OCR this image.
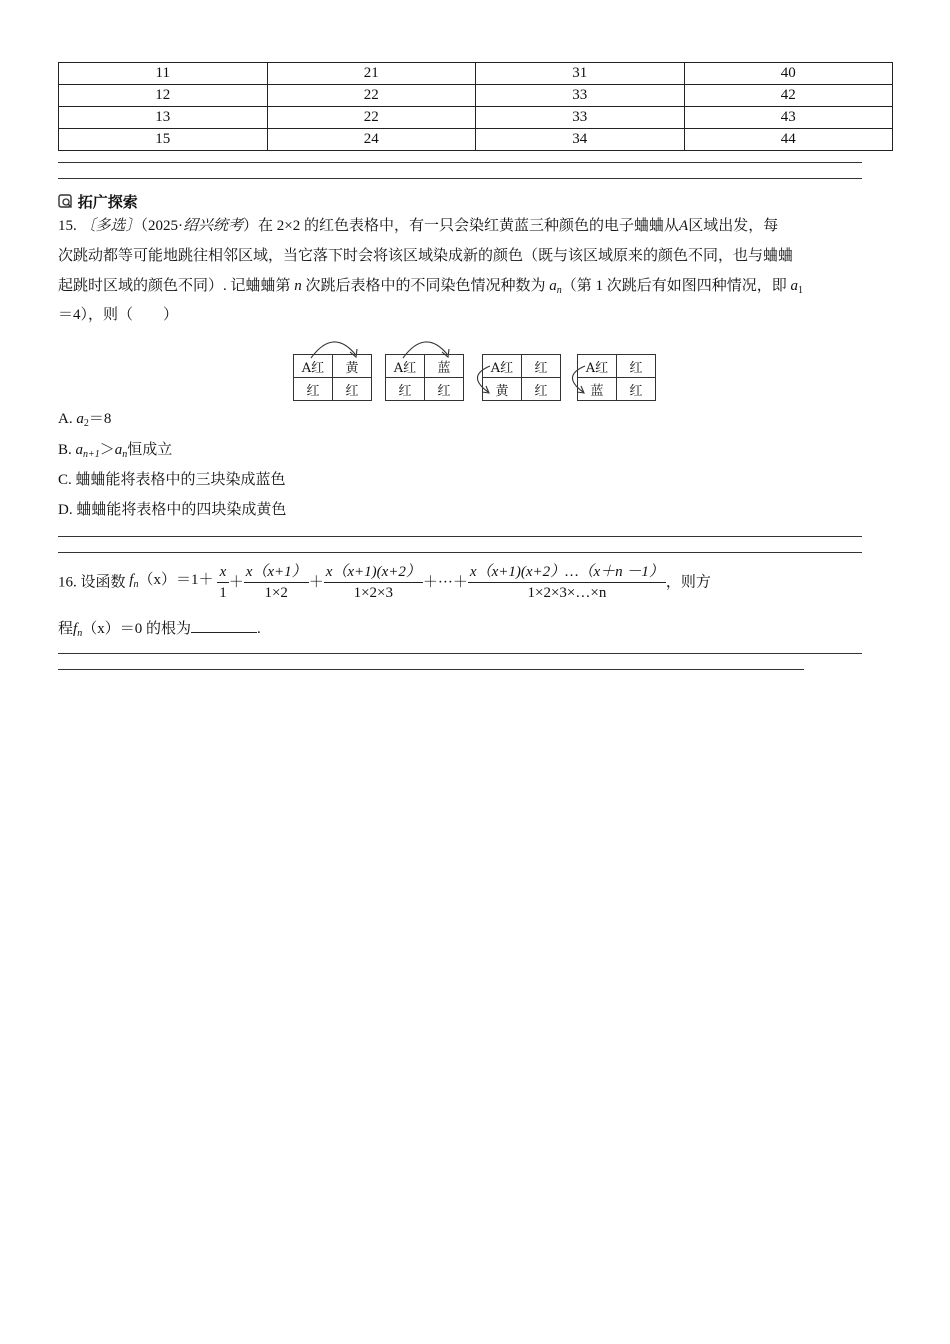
11	21	31	40
12	22	33	42
13	22	33	43
15	24	34	44
拓广探索
15. 〔多选〕（2025·绍兴统考）在 2×2 的红色表格中，有一只会染红黄蓝三种颜色的电子蛐蛐从A区域出发，每
次跳动都等可能地跳往相邻区域，当它落下时会将该区域染成新的颜色（既与该区域原来的颜色不同，也与蛐蛐
起跳时区域的颜色不同）. 记蛐蛐第 n 次跳后表格中的不同染色情况种数为 $a_n$（第 1 次跳后有如图四种情况，即 $a_1$
＝4），则（　　）
A红	黄
红	红
A红	蓝
红	红
A红	红
黄	红
A红	红
蓝	红
A. $a_2=8$
B. $a_{n+1}>a_n$恒成立
C. 蛐蛐能将表格中的三块染成蓝色
D. 蛐蛐能将表格中的四块染成黄色
16. 设函数 $f_n(x)=1+ \frac{x}{1} + \frac{x(x+1)}{1\times 2} + \frac{x(x+1)(x+2)}{1\times 2\times 3}$ ＋···＋ $\frac{x(x+1)(x+2)\dots(x+n -1)}{1\times 2\times 3\times\dots\times n}$ ，则方
程$f_n(x)=0$ 的根为	.
